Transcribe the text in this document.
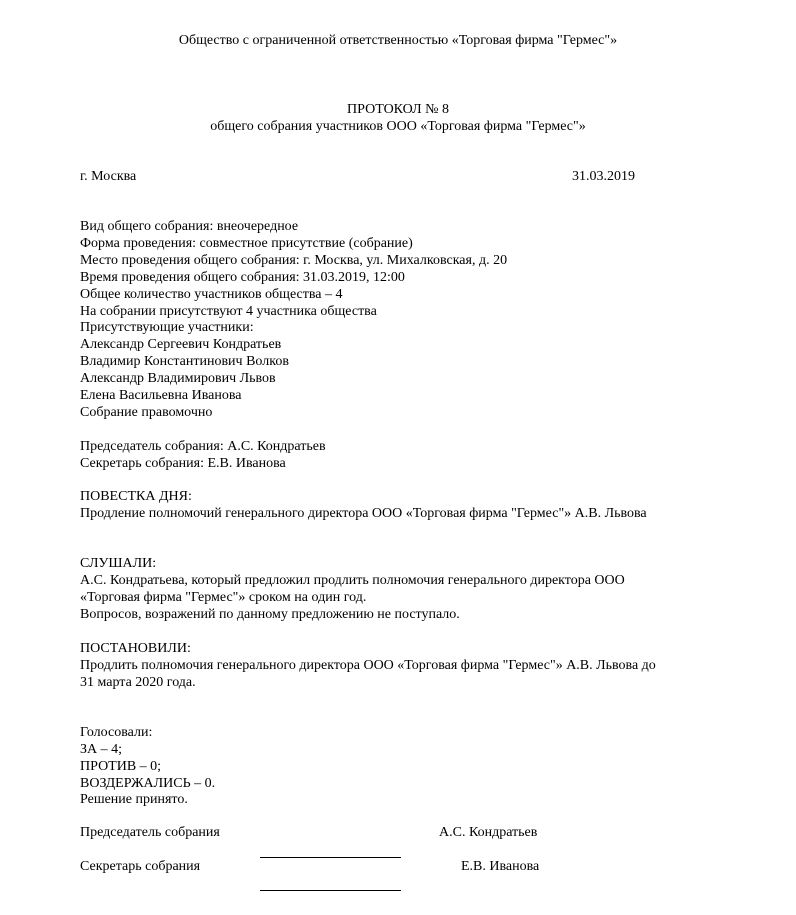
Общество с ограниченной ответственностью «Торговая фирма "Гермес"»
ПРОТОКОЛ № 8
общего собрания участников ООО «Торговая фирма "Гермес"»
г. Москва	31.03.2019
Вид общего собрания: внеочередное
Форма проведения: совместное присутствие (собрание)
Место проведения общего собрания: г. Москва, ул. Михалковская, д. 20
Время проведения общего собрания: 31.03.2019, 12:00
Общее количество участников общества – 4
На собрании присутствуют 4 участника общества
Присутствующие участники:
Александр Сергеевич Кондратьев
Владимир Константинович Волков
Александр Владимирович Львов
Елена Васильевна Иванова
Собрание правомочно
Председатель собрания: А.С. Кондратьев
Секретарь собрания: Е.В. Иванова
ПОВЕСТКА ДНЯ:
Продление полномочий генерального директора ООО «Торговая фирма "Гермес"» А.В. Львова
СЛУШАЛИ:
А.С. Кондратьева, который предложил продлить полномочия генерального директора ООО
«Торговая фирма "Гермес"» сроком на один год.
Вопросов, возражений по данному предложению не поступало.
ПОСТАНОВИЛИ:
Продлить полномочия генерального директора ООО «Торговая фирма "Гермес"» А.В. Львова до
31 марта 2020 года.
Голосовали:
ЗА – 4;
ПРОТИВ – 0;
ВОЗДЕРЖАЛИСЬ – 0.
Решение принято.
Председатель собрания	А.С. Кондратьев
Секретарь собрания	Е.В. Иванова
